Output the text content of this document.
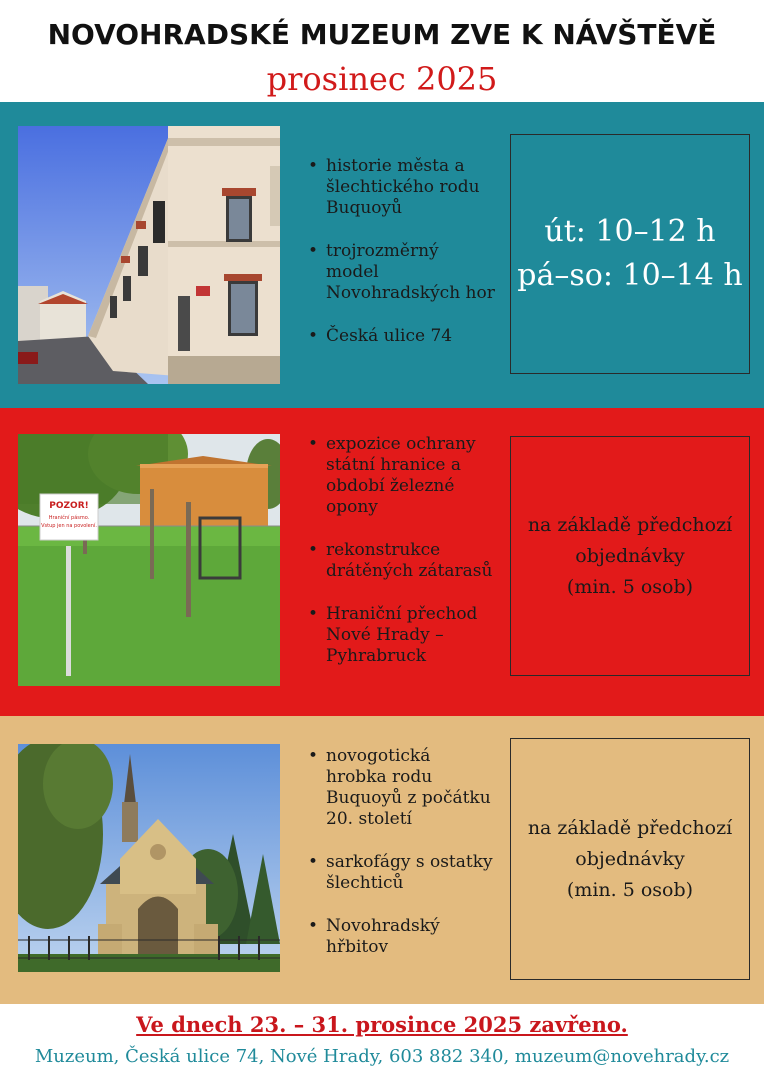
NOVOHRADSKÉ MUZEUM ZVE K NÁVŠTĚVĚ
prosinec 2025
• historie města a šlechtického rodu Buquoyů
• trojrozměrný model Novohradských hor
• Česká ulice 74
út: 10–12 h
pá–so: 10–14 h
POZOR!
Hraniční pásmo.
Vstup jen na povolení.
• expozice ochrany státní hranice a období železné opony
• rekonstrukce drátěných zátarasů
• Hraniční přechod Nové Hrady – Pyhrabruck
na základě předchozí
objednávky
(min. 5 osob)
• novogotická hrobka rodu Buquoyů z počátku 20. století
• sarkofágy s ostatky šlechticů
• Novohradský hřbitov
na základě předchozí
objednávky
(min. 5 osob)
Ve dnech 23. – 31. prosince 2025 zavřeno.
Muzeum, Česká ulice 74, Nové Hrady, 603 882 340, muzeum@novehrady.cz
